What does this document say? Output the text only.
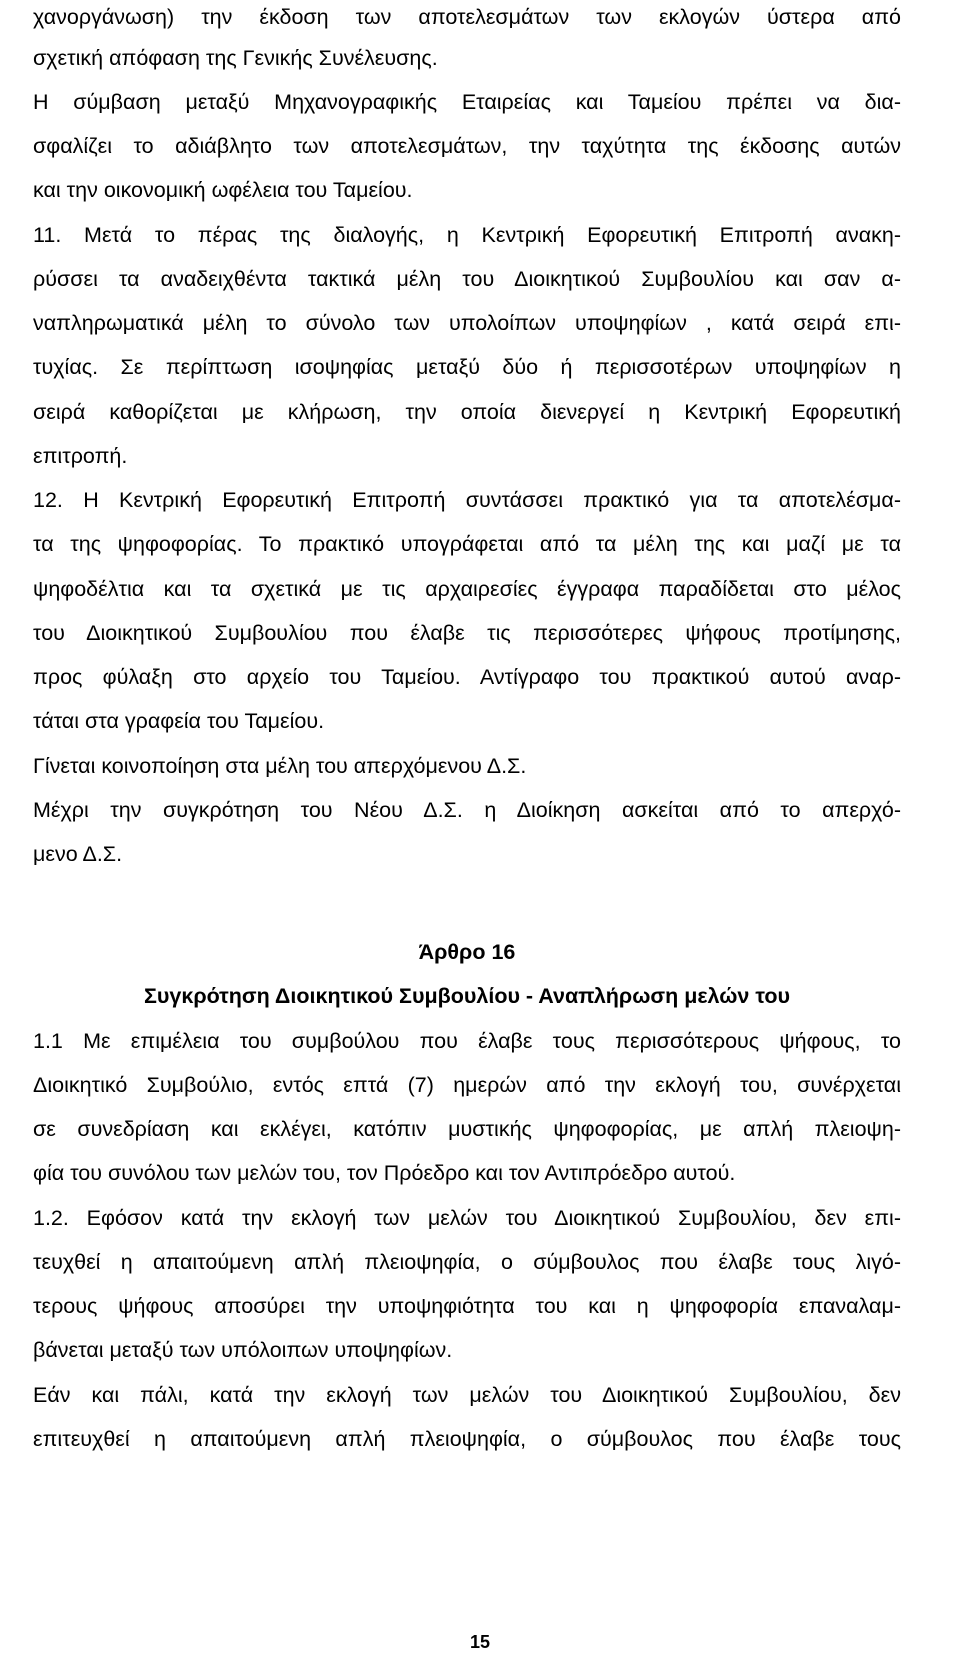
χανοργάνωση) την έκδοση των αποτελεσμάτων των εκλογών ύστερα από
σχετική απόφαση της Γενικής Συνέλευσης.
Η σύμβαση μεταξύ Μηχανογραφικής Εταιρείας και Ταμείου πρέπει να δια-
σφαλίζει το αδιάβλητο των αποτελεσμάτων, την ταχύτητα της έκδοσης αυτών
και την οικονομική ωφέλεια του Ταμείου.
11. Μετά το πέρας της διαλογής, η Κεντρική Εφορευτική Επιτροπή ανακη-
ρύσσει τα αναδειχθέντα τακτικά μέλη του Διοικητικού Συμβουλίου και σαν α-
ναπληρωματικά μέλη το σύνολο των υπολοίπων υποψηφίων , κατά σειρά επι-
τυχίας. Σε περίπτωση ισοψηφίας μεταξύ δύο ή περισσοτέρων υποψηφίων η
σειρά καθορίζεται με κλήρωση, την οποία διενεργεί η Κεντρική Εφορευτική
επιτροπή.
12. Η Κεντρική Εφορευτική Επιτροπή συντάσσει πρακτικό για τα αποτελέσμα-
τα της ψηφοφορίας. Το πρακτικό υπογράφεται από τα μέλη της και μαζί με τα
ψηφοδέλτια και τα σχετικά με τις αρχαιρεσίες έγγραφα παραδίδεται στο μέλος
του Διοικητικού Συμβουλίου που έλαβε τις περισσότερες ψήφους προτίμησης,
προς φύλαξη στο αρχείο του Ταμείου. Αντίγραφο του πρακτικού αυτού αναρ-
τάται στα γραφεία του Ταμείου.
Γίνεται κοινοποίηση στα μέλη του απερχόμενου Δ.Σ.
Μέχρι την συγκρότηση του Νέου Δ.Σ. η Διοίκηση ασκείται από το απερχό-
μενο Δ.Σ.
Άρθρο 16
Συγκρότηση Διοικητικού Συμβουλίου - Αναπλήρωση μελών του
1.1 Με επιμέλεια του συμβούλου που έλαβε τους περισσότερους ψήφους, το
Διοικητικό Συμβούλιο, εντός επτά (7) ημερών από την εκλογή του, συνέρχεται
σε συνεδρίαση και εκλέγει, κατόπιν μυστικής ψηφοφορίας, με απλή πλειοψη-
φία του συνόλου των μελών του, τον Πρόεδρο και τον Αντιπρόεδρο αυτού.
1.2. Εφόσον κατά την εκλογή των μελών του Διοικητικού Συμβουλίου, δεν επι-
τευχθεί η απαιτούμενη απλή πλειοψηφία, ο σύμβουλος που έλαβε τους λιγό-
τερους ψήφους αποσύρει την υποψηφιότητα του και η ψηφοφορία επαναλαμ-
βάνεται μεταξύ των υπόλοιπων υποψηφίων.
Εάν και πάλι, κατά την εκλογή των μελών του Διοικητικού Συμβουλίου, δεν
επιτευχθεί η απαιτούμενη απλή πλειοψηφία, ο σύμβουλος που έλαβε τους
15
